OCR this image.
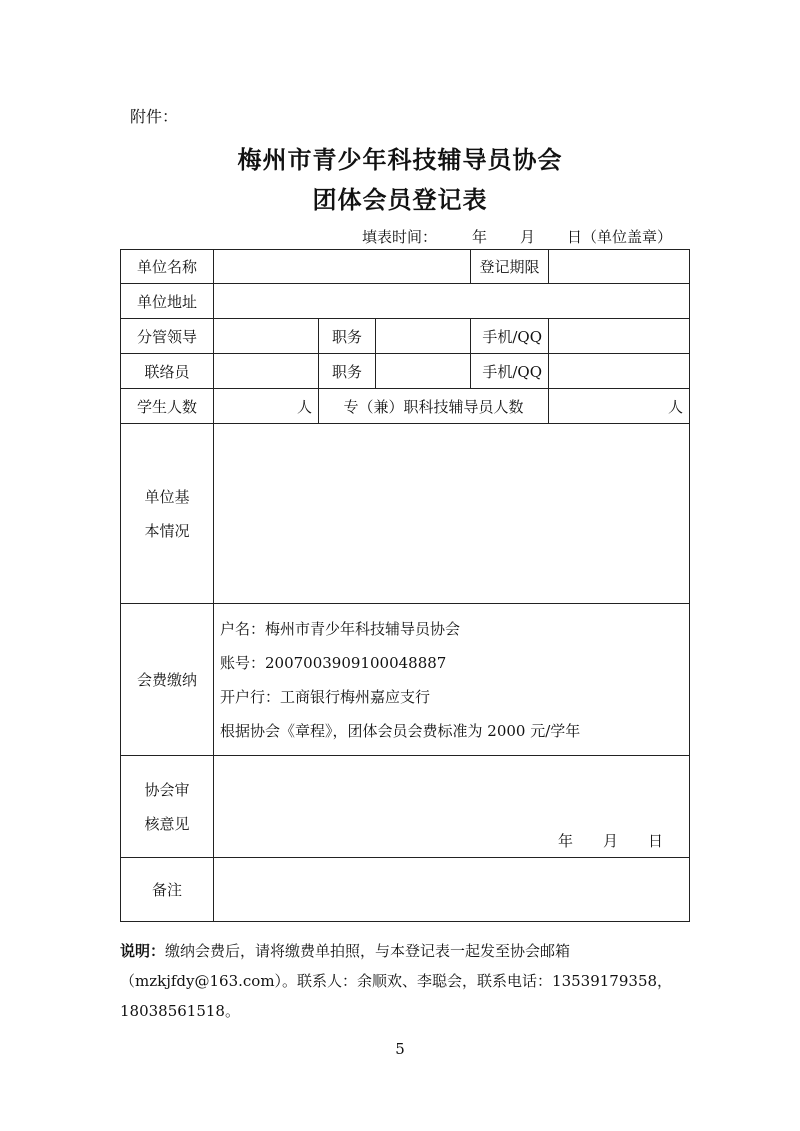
附件：
梅州市青少年科技辅导员协会
团体会员登记表
填表时间： 年 月 日（单位盖章）
单位名称				登记期限	
单位地址					
分管领导		职务		手机/QQ	
联络员		职务		手机/QQ	
学生人数	人	专（兼）职科技辅导员人数			人

单位基
本情况					

会费缴纳	户名：梅州市青少年科技辅导员协会

账号：2007003909100048887

开户行：工商银行梅州嘉应支行

根据协会《章程》，团体会员会费标准为 2000 元/学年				

协会审
核意见	年　　月　　日				

备注					
说明：缴纳会费后，请将缴费单拍照，与本登记表一起发至协会邮箱（mzkjfdy@163.com）。联系人：余顺欢、李聪会，联系电话：13539179358，18038561518。
5
